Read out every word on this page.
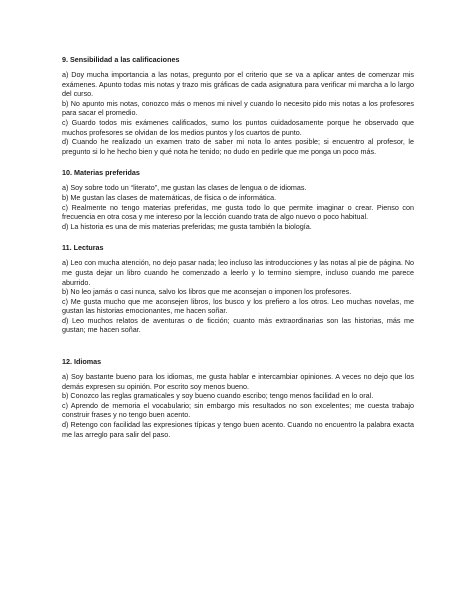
9. Sensibilidad a las calificaciones

a) Doy mucha importancia a las notas, pregunto por el criterio que se va a aplicar antes de comenzar mis exámenes. Apunto todas mis notas y trazo mis gráficas de cada asignatura para verificar mi marcha a lo largo del curso.

b) No apunto mis notas, conozco más o menos mi nivel y cuando lo necesito pido mis notas a los profesores para sacar el promedio.

c) Guardo todos mis exámenes calificados, sumo los puntos cuidadosamente porque he observado que muchos profesores se olvidan de los medios puntos y los cuartos de punto.

d) Cuando he realizado un examen trato de saber mi nota lo antes posible; si encuentro al profesor, le pregunto si lo he hecho bien y qué nota he tenido; no dudo en pedirle que me ponga un poco más.

10. Materias preferidas

a) Soy sobre todo un “literato”, me gustan las clases de lengua o de idiomas.

b) Me gustan las clases de matemáticas, de física o de informática.

c) Realmente no tengo materias preferidas, me gusta todo lo que permite imaginar o crear. Pienso con frecuencia en otra cosa y me intereso por la lección cuando trata de algo nuevo o poco habitual.

d) La historia es una de mis materias preferidas; me gusta también la biología.

11. Lecturas

a) Leo con mucha atención, no dejo pasar nada; leo incluso las introducciones y las notas al pie de página. No me gusta dejar un libro cuando he comenzado a leerlo y lo termino siempre, incluso cuando me parece aburrido.

b) No leo jamás o casi nunca, salvo los libros que me aconsejan o imponen los profesores.

c) Me gusta mucho que me aconsejen libros, los busco y los prefiero a los otros. Leo muchas novelas, me gustan las historias emocionantes, me hacen soñar.

d) Leo muchos relatos de aventuras o de ficción; cuanto más extraordinarias son las historias, más me gustan; me hacen soñar.

12. Idiomas

a) Soy bastante bueno para los idiomas, me gusta hablar e intercambiar opiniones. A veces no dejo que los demás expresen su opinión. Por escrito soy menos bueno.

b) Conozco las reglas gramaticales y soy bueno cuando escribo; tengo menos facilidad en lo oral.

c) Aprendo de memoria el vocabulario; sin embargo mis resultados no son excelentes; me cuesta trabajo construir frases y no tengo buen acento.

d) Retengo con facilidad las expresiones típicas y tengo buen acento. Cuando no encuentro la palabra exacta me las arreglo para salir del paso.
